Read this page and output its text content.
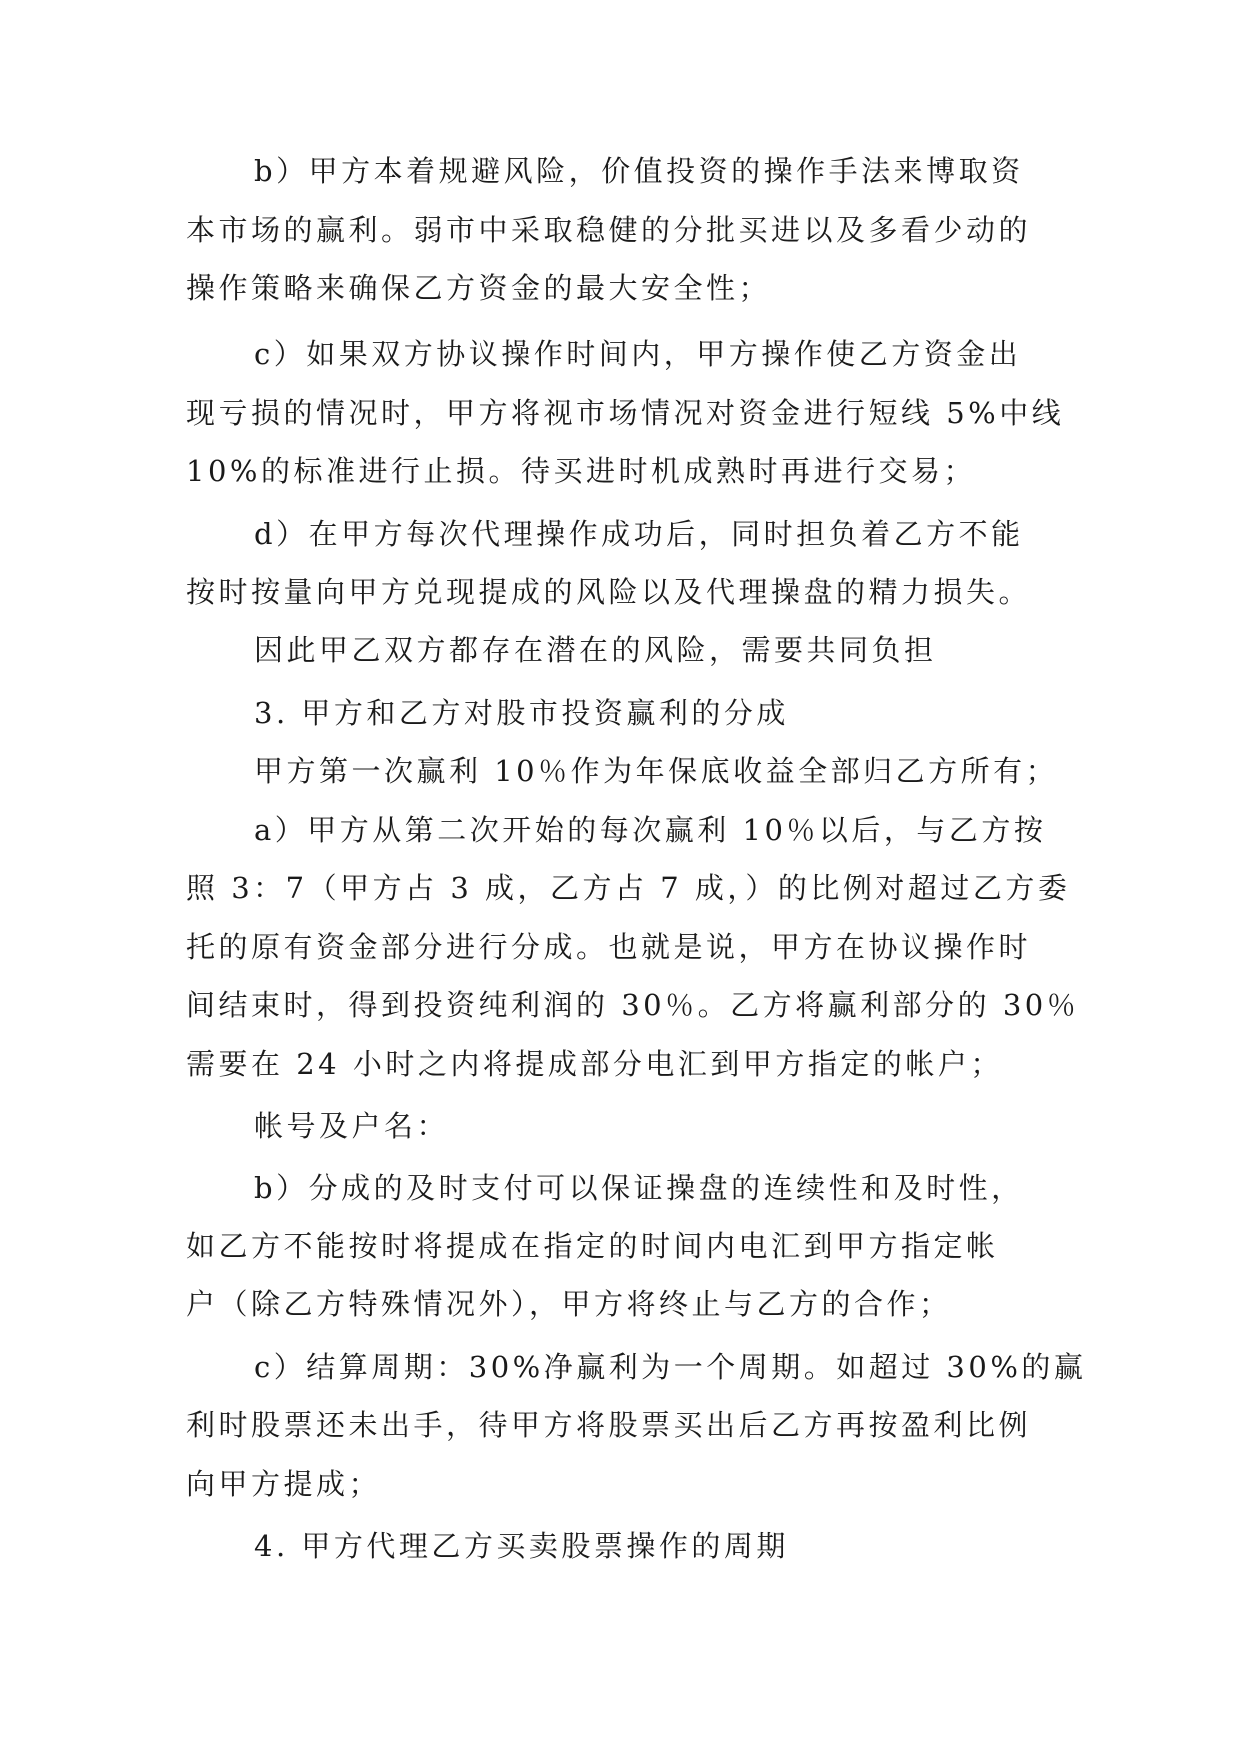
b）甲方本着规避风险，价值投资的操作手法来博取资
本市场的赢利。弱市中采取稳健的分批买进以及多看少动的
操作策略来确保乙方资金的最大安全性；
c）如果双方协议操作时间内，甲方操作使乙方资金出
现亏损的情况时，甲方将视市场情况对资金进行短线 5%中线
10%的标准进行止损。待买进时机成熟时再进行交易；
d）在甲方每次代理操作成功后，同时担负着乙方不能
按时按量向甲方兑现提成的风险以及代理操盘的精力损失。
因此甲乙双方都存在潜在的风险，需要共同负担
3. 甲方和乙方对股市投资赢利的分成
甲方第一次赢利 10％作为年保底收益全部归乙方所有；
a）甲方从第二次开始的每次赢利 10％以后，与乙方按
照 3：7（甲方占 3 成，乙方占 7 成，）的比例对超过乙方委
托的原有资金部分进行分成。也就是说，甲方在协议操作时
间结束时，得到投资纯利润的 30％。乙方将赢利部分的 30％
需要在 24 小时之内将提成部分电汇到甲方指定的帐户；
帐号及户名：
b）分成的及时支付可以保证操盘的连续性和及时性，
如乙方不能按时将提成在指定的时间内电汇到甲方指定帐
户（除乙方特殊情况外），甲方将终止与乙方的合作；
c）结算周期：30%净赢利为一个周期。如超过 30%的赢
利时股票还未出手，待甲方将股票买出后乙方再按盈利比例
向甲方提成；
4. 甲方代理乙方买卖股票操作的周期
